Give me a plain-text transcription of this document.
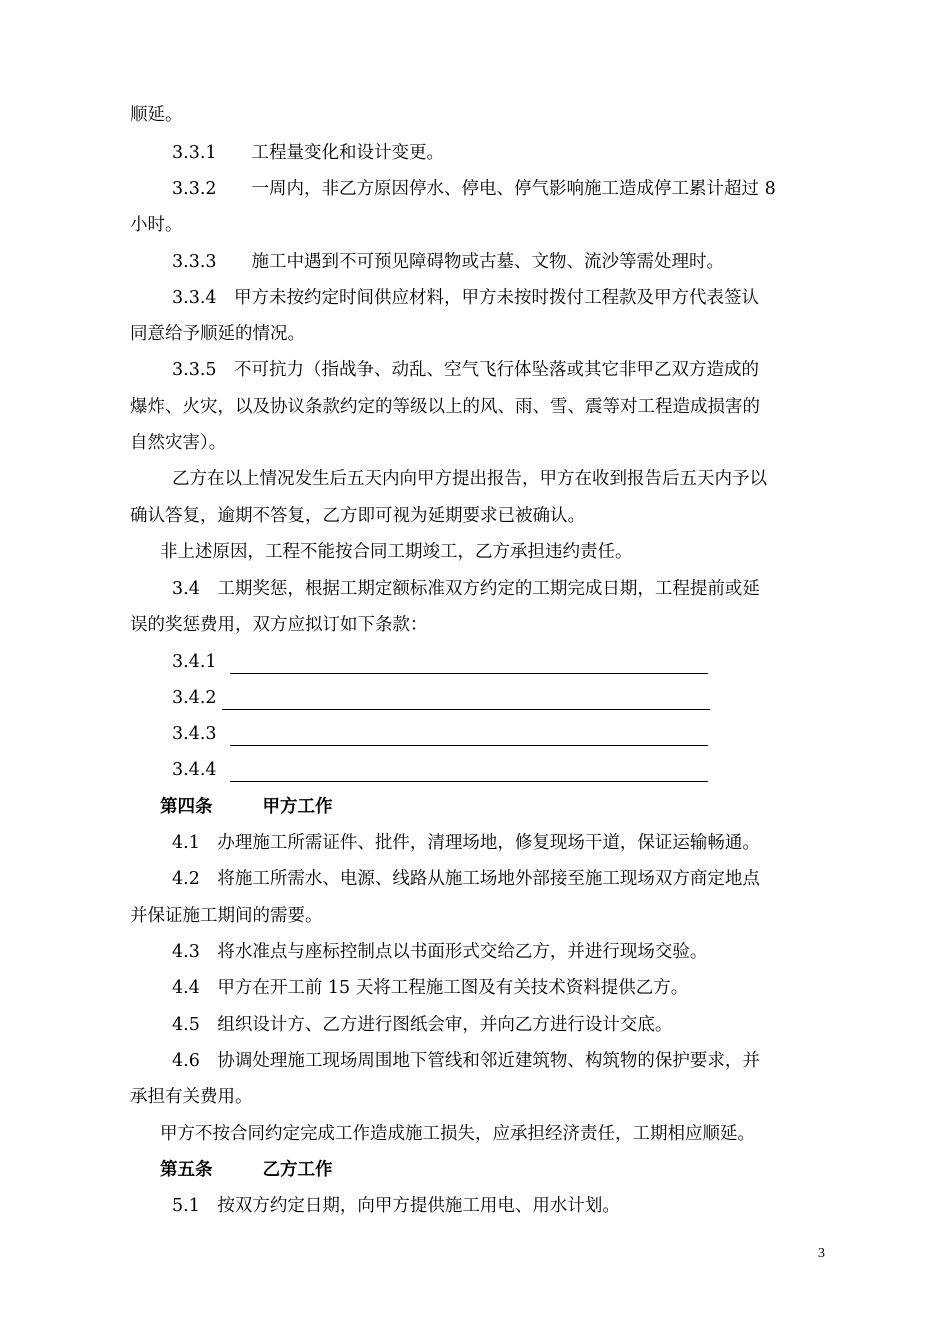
顺延。
3.3.1　　工程量变化和设计变更。
3.3.2　　一周内，非乙方原因停水、停电、停气影响施工造成停工累计超过 8
小时。
3.3.3　　施工中遇到不可预见障碍物或古墓、文物、流沙等需处理时。
3.3.4　甲方未按约定时间供应材料，甲方未按时拨付工程款及甲方代表签认
同意给予顺延的情况。
3.3.5　不可抗力（指战争、动乱、空气飞行体坠落或其它非甲乙双方造成的
爆炸、火灾，以及协议条款约定的等级以上的风、雨、雪、震等对工程造成损害的
自然灾害）。
乙方在以上情况发生后五天内向甲方提出报告，甲方在收到报告后五天内予以
确认答复，逾期不答复，乙方即可视为延期要求已被确认。
非上述原因，工程不能按合同工期竣工，乙方承担违约责任。
3.4　工期奖惩，根据工期定额标准双方约定的工期完成日期，工程提前或延
误的奖惩费用，双方应拟订如下条款：
3.4.1
3.4.2
3.4.3
3.4.4
第四条	甲方工作
4.1　办理施工所需证件、批件，清理场地，修复现场干道，保证运输畅通。
4.2　将施工所需水、电源、线路从施工场地外部接至施工现场双方商定地点
并保证施工期间的需要。
4.3　将水准点与座标控制点以书面形式交给乙方，并进行现场交验。
4.4　甲方在开工前 15 天将工程施工图及有关技术资料提供乙方。
4.5　组织设计方、乙方进行图纸会审，并向乙方进行设计交底。
4.6　协调处理施工现场周围地下管线和邻近建筑物、构筑物的保护要求，并
承担有关费用。
甲方不按合同约定完成工作造成施工损失，应承担经济责任，工期相应顺延。
第五条	乙方工作
5.1　按双方约定日期，向甲方提供施工用电、用水计划。
3
